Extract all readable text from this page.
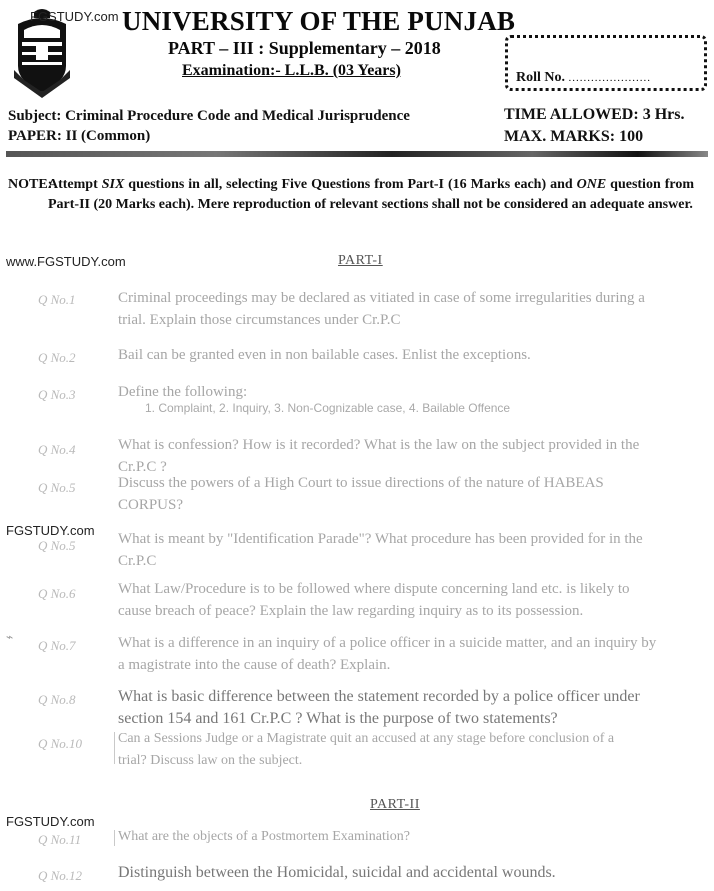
FGSTUDY.com UNIVERSITY OF THE PUNJAB
PART – III : Supplementary – 2018
Examination:- L.L.B. (03 Years)	Roll No. ......................
Subject: Criminal Procedure Code and Medical Jurisprudence
PAPER: II (Common)
TIME ALLOWED: 3 Hrs.
MAX. MARKS: 100
NOTE:Attempt SIX questions in all, selecting Five Questions from Part-I (16 Marks each) and ONE question from Part-II (20 Marks each). Mere reproduction of relevant sections shall not be considered an adequate answer.
www.FGSTUDY.com	PART-I
Q No.1	Criminal proceedings may be declared as vitiated in case of some irregularities during a trial. Explain those circumstances under Cr.P.C
Q No.2	Bail can be granted even in non bailable cases. Enlist the exceptions.
Q No.3	Define the following:
1. Complaint, 2. Inquiry, 3. Non-Cognizable case, 4. Bailable Offence
Q No.4	What is confession? How is it recorded? What is the law on the subject provided in the Cr.P.C ?
Q No.5	Discuss the powers of a High Court to issue directions of the nature of HABEAS CORPUS?
FGSTUDY.com
Q No.5	What is meant by "Identification Parade"? What procedure has been provided for in the Cr.P.C
Q No.6	What Law/Procedure is to be followed where dispute concerning land etc. is likely to cause breach of peace? Explain the law regarding inquiry as to its possession.
⌁
Q No.7	What is a difference in an inquiry of a police officer in a suicide matter, and an inquiry by a magistrate into the cause of death? Explain.
Q No.8	What is basic difference between the statement recorded by a police officer under section 154 and 161 Cr.P.C ? What is the purpose of two statements?
Q No.10	Can a Sessions Judge or a Magistrate quit an accused at any stage before conclusion of a trial? Discuss law on the subject.
PART-II
FGSTUDY.com
Q No.11	What are the objects of a Postmortem Examination?
Q No.12	Distinguish between the Homicidal, suicidal and accidental wounds.
